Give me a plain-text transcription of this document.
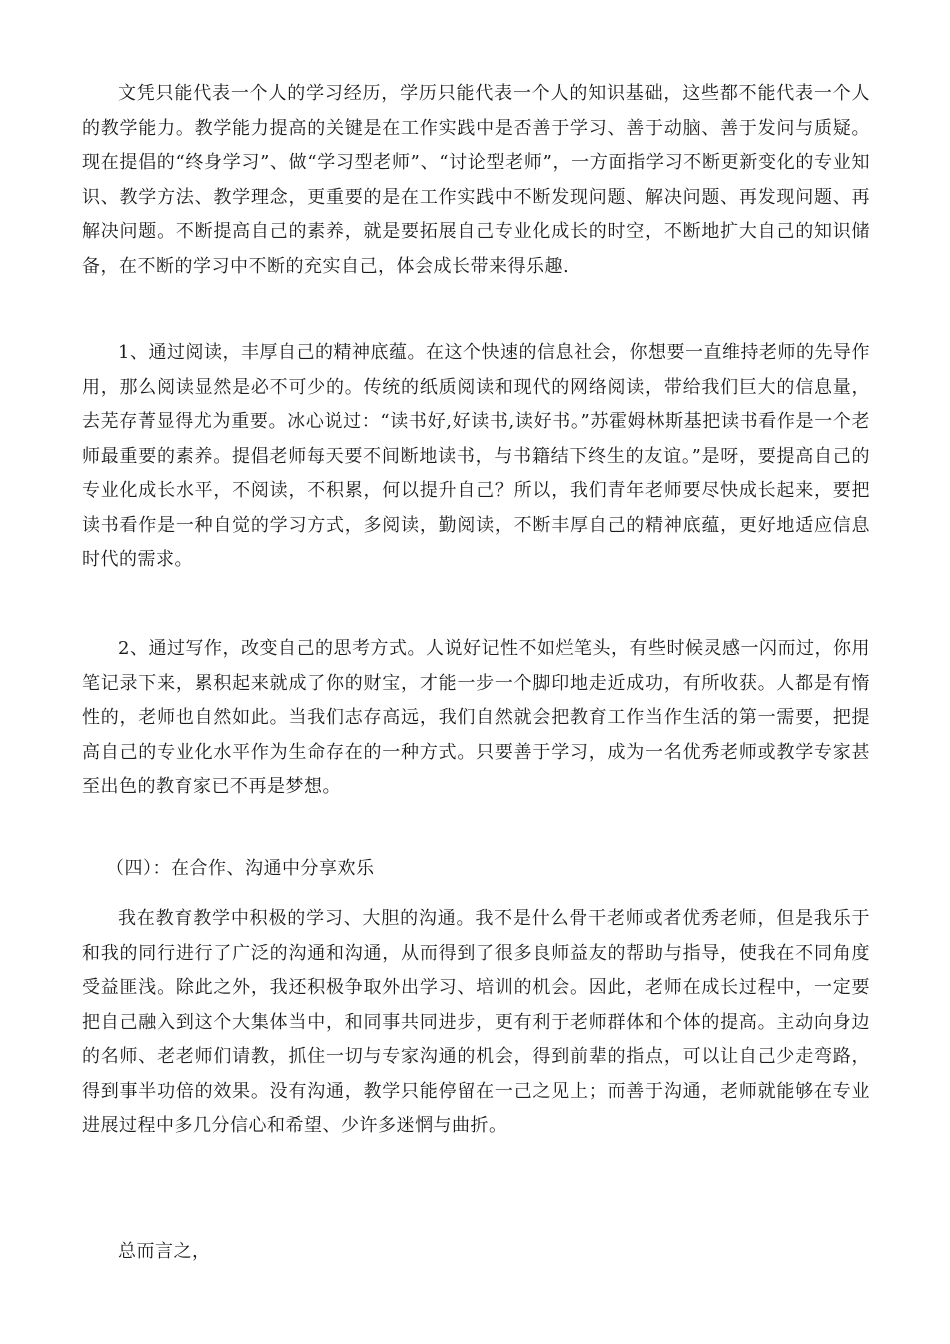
文凭只能代表一个人的学习经历，学历只能代表一个人的知识基础，这些都不能代表一个人的教学能力。教学能力提高的关键是在工作实践中是否善于学习、善于动脑、善于发问与质疑。现在提倡的“终身学习”、做“学习型老师”、“讨论型老师”，一方面指学习不断更新变化的专业知识、教学方法、教学理念，更重要的是在工作实践中不断发现问题、解决问题、再发现问题、再解决问题。不断提高自己的素养，就是要拓展自己专业化成长的时空，不断地扩大自己的知识储备，在不断的学习中不断的充实自己，体会成长带来得乐趣.

1、通过阅读，丰厚自己的精神底蕴。在这个快速的信息社会，你想要一直维持老师的先导作用，那么阅读显然是必不可少的。传统的纸质阅读和现代的网络阅读，带给我们巨大的信息量，去芜存菁显得尤为重要。冰心说过：“读书好,好读书,读好书。”苏霍姆林斯基把读书看作是一个老师最重要的素养。提倡老师每天要不间断地读书，与书籍结下终生的友谊。”是呀，要提高自己的专业化成长水平，不阅读，不积累，何以提升自己？所以，我们青年老师要尽快成长起来，要把读书看作是一种自觉的学习方式，多阅读，勤阅读，不断丰厚自己的精神底蕴，更好地适应信息时代的需求。

2、通过写作，改变自己的思考方式。人说好记性不如烂笔头，有些时候灵感一闪而过，你用笔记录下来，累积起来就成了你的财宝，才能一步一个脚印地走近成功，有所收获。人都是有惰性的，老师也自然如此。当我们志存高远，我们自然就会把教育工作当作生活的第一需要，把提高自己的专业化水平作为生命存在的一种方式。只要善于学习，成为一名优秀老师或教学专家甚至出色的教育家已不再是梦想。

（四）：在合作、沟通中分享欢乐

我在教育教学中积极的学习、大胆的沟通。我不是什么骨干老师或者优秀老师，但是我乐于和我的同行进行了广泛的沟通和沟通，从而得到了很多良师益友的帮助与指导，使我在不同角度受益匪浅。除此之外，我还积极争取外出学习、培训的机会。因此，老师在成长过程中，一定要把自己融入到这个大集体当中，和同事共同进步，更有利于老师群体和个体的提高。主动向身边的名师、老老师们请教，抓住一切与专家沟通的机会，得到前辈的指点，可以让自己少走弯路，得到事半功倍的效果。没有沟通，教学只能停留在一己之见上；而善于沟通，老师就能够在专业进展过程中多几分信心和希望、少许多迷惘与曲折。

总而言之，
